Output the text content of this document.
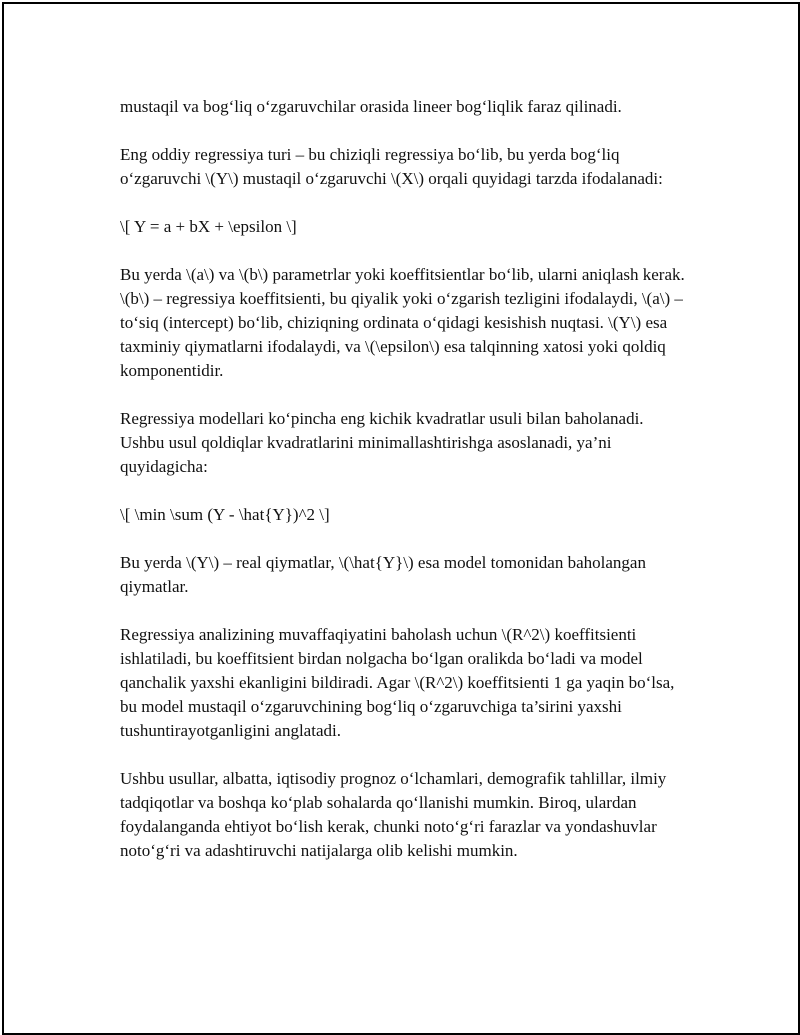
mustaqil va bog‘liq o‘zgaruvchilar orasida lineer bog‘liqlik faraz qilinadi.

Eng oddiy regressiya turi – bu chiziqli regressiya bo‘lib, bu yerda bog‘liq o‘zgaruvchi \(Y\) mustaqil o‘zgaruvchi \(X\) orqali quyidagi tarzda ifodalanadi:

\[ Y = a + bX + \epsilon \]

Bu yerda \(a\) va \(b\) parametrlar yoki koeffitsientlar bo‘lib, ularni aniqlash kerak. \(b\) – regressiya koeffitsienti, bu qiyalik yoki o‘zgarish tezligini ifodalaydi, \(a\) – to‘siq (intercept) bo‘lib, chiziqning ordinata o‘qidagi kesishish nuqtasi. \(Y\) esa taxminiy qiymatlarni ifodalaydi, va \(\epsilon\) esa talqinning xatosi yoki qoldiq komponentidir.

Regressiya modellari ko‘pincha eng kichik kvadratlar usuli bilan baholanadi. Ushbu usul qoldiqlar kvadratlarini minimallashtirishga asoslanadi, ya’ni quyidagicha:

\[ \min \sum (Y - \hat{Y})^2 \]

Bu yerda \(Y\) – real qiymatlar, \(\hat{Y}\) esa model tomonidan baholangan qiymatlar.

Regressiya analizining muvaffaqiyatini baholash uchun \(R^2\) koeffitsienti ishlatiladi, bu koeffitsient birdan nolgacha bo‘lgan oralikda bo‘ladi va model qanchalik yaxshi ekanligini bildiradi. Agar \(R^2\) koeffitsienti 1 ga yaqin bo‘lsa, bu model mustaqil o‘zgaruvchining bog‘liq o‘zgaruvchiga ta’sirini yaxshi tushuntirayotganligini anglatadi.

Ushbu usullar, albatta, iqtisodiy prognoz o‘lchamlari, demografik tahlillar, ilmiy tadqiqotlar va boshqa ko‘plab sohalarda qo‘llanishi mumkin. Biroq, ulardan foydalanganda ehtiyot bo‘lish kerak, chunki noto‘g‘ri farazlar va yondashuvlar noto‘g‘ri va adashtiruvchi natijalarga olib kelishi mumkin.
